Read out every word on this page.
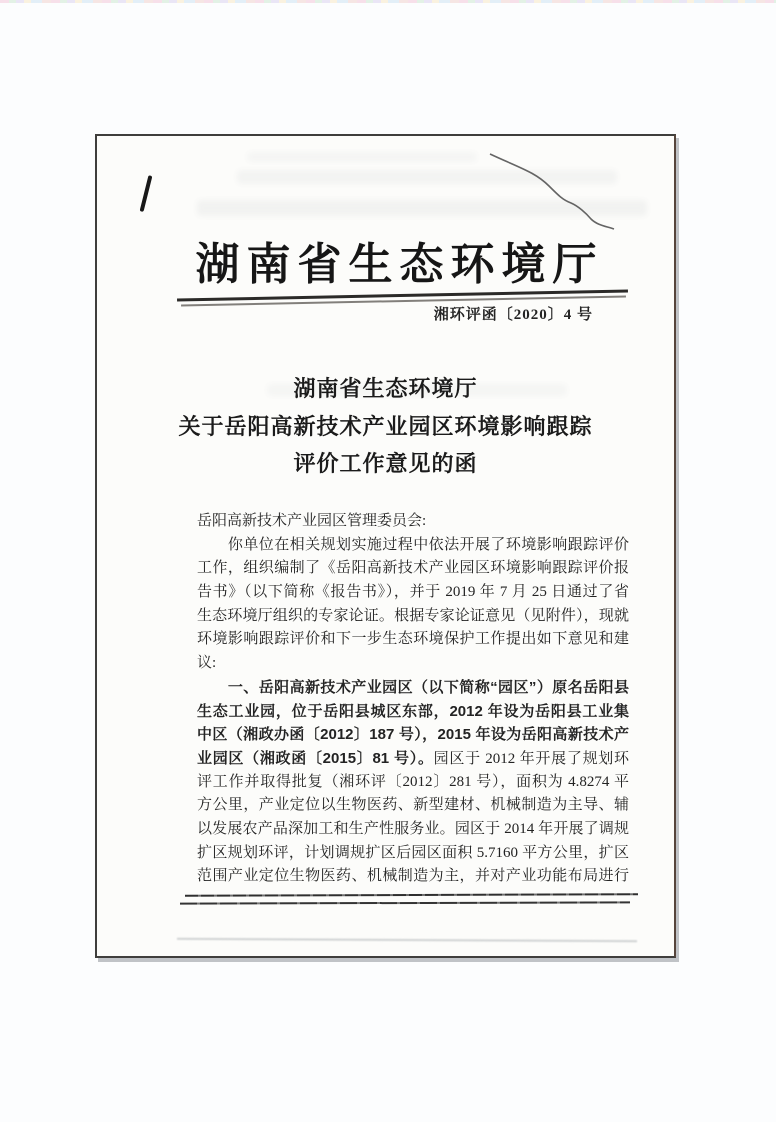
湖南省生态环境厅
湘环评函〔2020〕4 号
湖南省生态环境厅
关于岳阳高新技术产业园区环境影响跟踪
评价工作意见的函
岳阳高新技术产业园区管理委员会:
　　你单位在相关规划实施过程中依法开展了环境影响跟踪评价
工作，组织编制了《岳阳高新技术产业园区环境影响跟踪评价报
告书》（以下简称《报告书》），并于 2019 年 7 月 25 日通过了省
生态环境厅组织的专家论证。根据专家论证意见（见附件），现就
环境影响跟踪评价和下一步生态环境保护工作提出如下意见和建
议:
　　一、岳阳高新技术产业园区（以下简称“园区”）原名岳阳县
生态工业园，位于岳阳县城区东部，2012 年设为岳阳县工业集
中区（湘政办函〔2012〕187 号），2015 年设为岳阳高新技术产
业园区（湘政函〔2015〕81 号）。园区于 2012 年开展了规划环
评工作并取得批复（湘环评〔2012〕281 号），面积为 4.8274 平
方公里，产业定位以生物医药、新型建材、机械制造为主导、辅
以发展农产品深加工和生产性服务业。园区于 2014 年开展了调规
扩区规划环评，计划调规扩区后园区面积 5.7160 平方公里，扩区
范围产业定位生物医药、机械制造为主，并对产业功能布局进行
